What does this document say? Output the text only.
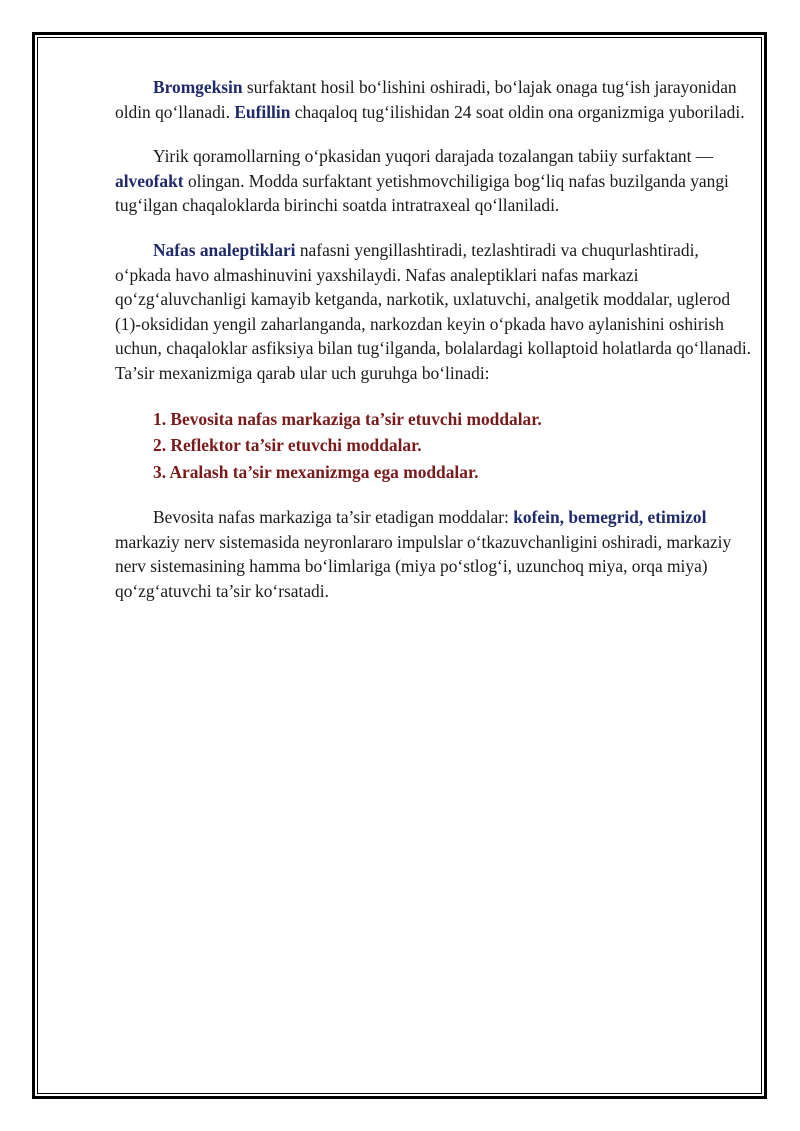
Bromgeksin surfaktant hosil bo‘lishini oshiradi, bo‘lajak onaga tug‘ish jarayonidan oldin qo‘llanadi. Eufillin chaqaloq tug‘ilishidan 24 soat oldin ona organizmiga yuboriladi.

Yirik qoramollarning o‘pkasidan yuqori darajada tozalangan tabiiy surfaktant — alveofakt olingan. Modda surfaktant yetishmovchiligiga bog‘liq nafas buzilganda yangi tug‘ilgan chaqaloklarda birinchi soatda intratraxeal qo‘llaniladi.

Nafas analeptiklari nafasni yengillashtiradi, tezlashtiradi va chuqurlashtiradi, o‘pkada havo almashinuvini yaxshilaydi. Nafas analeptiklari nafas markazi qo‘zg‘aluvchanligi kamayib ketganda, narkotik, uxlatuvchi, analgetik moddalar, uglerod (1)-oksididan yengil zaharlanganda, narkozdan keyin o‘pkada havo aylanishini oshirish uchun, chaqaloklar asfiksiya bilan tug‘ilganda, bolalardagi kollaptoid holatlarda qo‘llanadi. Ta’sir mexanizmiga qarab ular uch guruhga bo‘linadi:

1. Bevosita nafas markaziga ta’sir etuvchi moddalar.
2. Reflektor ta’sir etuvchi moddalar.
3. Aralash ta’sir mexanizmga ega moddalar.

Bevosita nafas markaziga ta’sir etadigan moddalar: kofein, bemegrid, etimizol markaziy nerv sistemasida neyronlararo impulslar o‘tkazuvchanligini oshiradi, markaziy nerv sistemasining hamma bo‘limlariga (miya po‘stlog‘i, uzunchoq miya, orqa miya) qo‘zg‘atuvchi ta’sir ko‘rsatadi.
